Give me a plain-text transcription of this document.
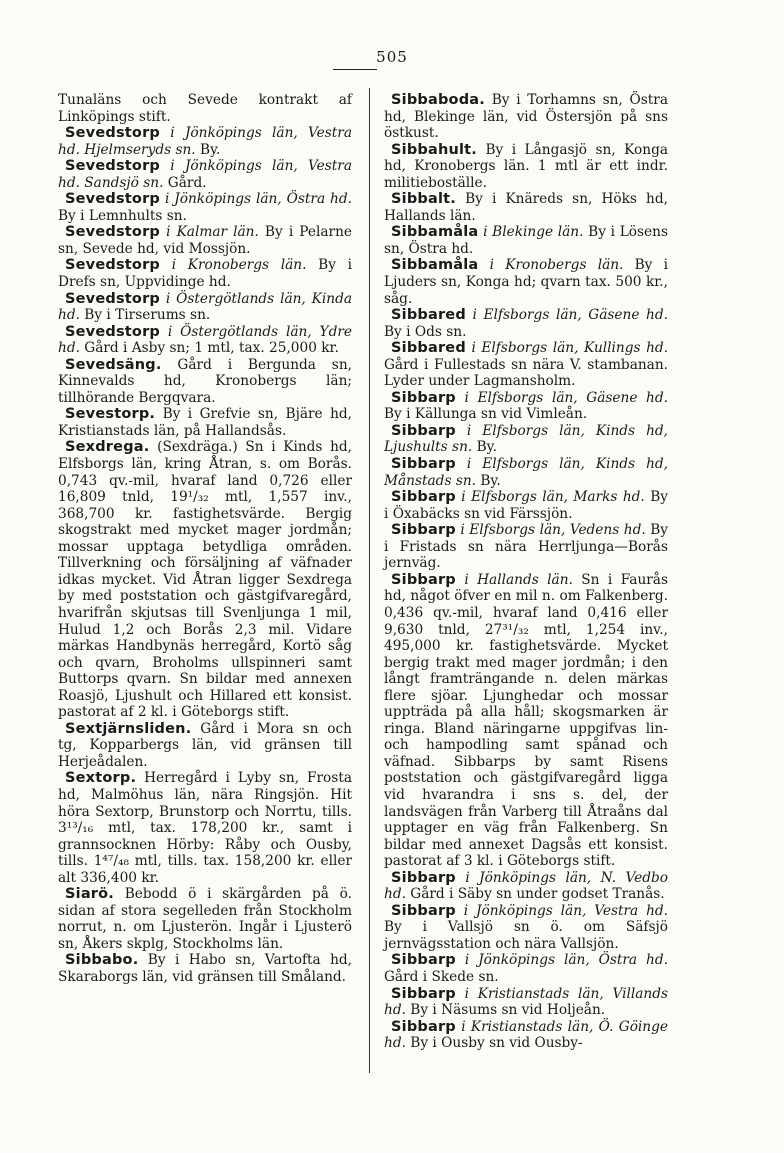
505

Tunaläns och Sevede kontrakt af Linköpings stift.

Sevedstorp i Jönköpings län, Vestra hd. Hjelmseryds sn. By.

Sevedstorp i Jönköpings län, Vestra hd. Sandsjö sn. Gård.

Sevedstorp i Jönköpings län, Östra hd. By i Lemnhults sn.

Sevedstorp i Kalmar län. By i Pelarne sn, Sevede hd, vid Mossjön.

Sevedstorp i Kronobergs län. By i Drefs sn, Uppvidinge hd.

Sevedstorp i Östergötlands län, Kinda hd. By i Tirserums sn.

Sevedstorp i Östergötlands län, Ydre hd. Gård i Asby sn; 1 mtl, tax. 25,000 kr.

Sevedsäng. Gård i Bergunda sn, Kinnevalds hd, Kronobergs län; tillhörande Bergqvara.

Sevestorp. By i Grefvie sn, Bjäre hd, Kristianstads län, på Hallandsås.

Sexdrega. (Sexdräga.) Sn i Kinds hd, Elfsborgs län, kring Åtran, s. om Borås. 0,743 qv.-mil, hvaraf land 0,726 eller 16,809 tnld, 19¹/₃₂ mtl, 1,557 inv., 368,700 kr. fastighetsvärde. Bergig skogstrakt med mycket mager jordmån; mossar upptaga betydliga områden. Tillverkning och försäljning af väfnader idkas mycket. Vid Åtran ligger Sexdrega by med poststation och gästgifvaregård, hvarifrån skjutsas till Svenljunga 1 mil, Hulud 1,2 och Borås 2,3 mil. Vidare märkas Handbynäs herregård, Kortö såg och qvarn, Broholms ullspinneri samt Buttorps qvarn. Sn bildar med annexen Roasjö, Ljushult och Hillared ett konsist. pastorat af 2 kl. i Göteborgs stift.

Sextjärnsliden. Gård i Mora sn och tg, Kopparbergs län, vid gränsen till Herjeådalen.

Sextorp. Herregård i Lyby sn, Frosta hd, Malmöhus län, nära Ringsjön. Hit höra Sextorp, Brunstorp och Norrtu, tills. 3¹³/₁₆ mtl, tax. 178,200 kr., samt i grannsocknen Hörby: Råby och Ousby, tills. 1⁴⁷/₄₈ mtl, tills. tax. 158,200 kr. eller alt 336,400 kr.

Siarö. Bebodd ö i skärgården på ö. sidan af stora segelleden från Stockholm norrut, n. om Ljusterön. Ingår i Ljusterö sn, Åkers skplg, Stockholms län.

Sibbabo. By i Habo sn, Vartofta hd, Skaraborgs län, vid gränsen till Småland.

Sibbaboda. By i Torhamns sn, Östra hd, Blekinge län, vid Östersjön på sns östkust.

Sibbahult. By i Långasjö sn, Konga hd, Kronobergs län. 1 mtl är ett indr. militieboställe.

Sibbalt. By i Knäreds sn, Höks hd, Hallands län.

Sibbamåla i Blekinge län. By i Lösens sn, Östra hd.

Sibbamåla i Kronobergs län. By i Ljuders sn, Konga hd; qvarn tax. 500 kr., såg.

Sibbared i Elfsborgs län, Gäsene hd. By i Ods sn.

Sibbared i Elfsborgs län, Kullings hd. Gård i Fullestads sn nära V. stambanan. Lyder under Lagmansholm.

Sibbarp i Elfsborgs län, Gäsene hd. By i Källunga sn vid Vimleån.

Sibbarp i Elfsborgs län, Kinds hd, Ljushults sn. By.

Sibbarp i Elfsborgs län, Kinds hd, Månstads sn. By.

Sibbarp i Elfsborgs län, Marks hd. By i Öxabäcks sn vid Färssjön.

Sibbarp i Elfsborgs län, Vedens hd. By i Fristads sn nära Herrljunga—Borås jernväg.

Sibbarp i Hallands län. Sn i Faurås hd, något öfver en mil n. om Falkenberg. 0,436 qv.-mil, hvaraf land 0,416 eller 9,630 tnld, 27³¹/₃₂ mtl, 1,254 inv., 495,000 kr. fastighetsvärde. Mycket bergig trakt med mager jordmån; i den långt framträngande n. delen märkas flere sjöar. Ljunghedar och mossar uppträda på alla håll; skogsmarken är ringa. Bland näringarne uppgifvas lin- och hampodling samt spånad och väfnad. Sibbarps by samt Risens poststation och gästgifvaregård ligga vid hvarandra i sns s. del, der landsvägen från Varberg till Åtraåns dal upptager en väg från Falkenberg. Sn bildar med annexet Dagsås ett konsist. pastorat af 3 kl. i Göteborgs stift.

Sibbarp i Jönköpings län, N. Vedbo hd. Gård i Säby sn under godset Tranås.

Sibbarp i Jönköpings län, Vestra hd. By i Vallsjö sn ö. om Säfsjö jernvägsstation och nära Vallsjön.

Sibbarp i Jönköpings län, Östra hd. Gård i Skede sn.

Sibbarp i Kristianstads län, Villands hd. By i Näsums sn vid Holjeån.

Sibbarp i Kristianstads län, Ö. Göinge hd. By i Ousby sn vid Ousby-
